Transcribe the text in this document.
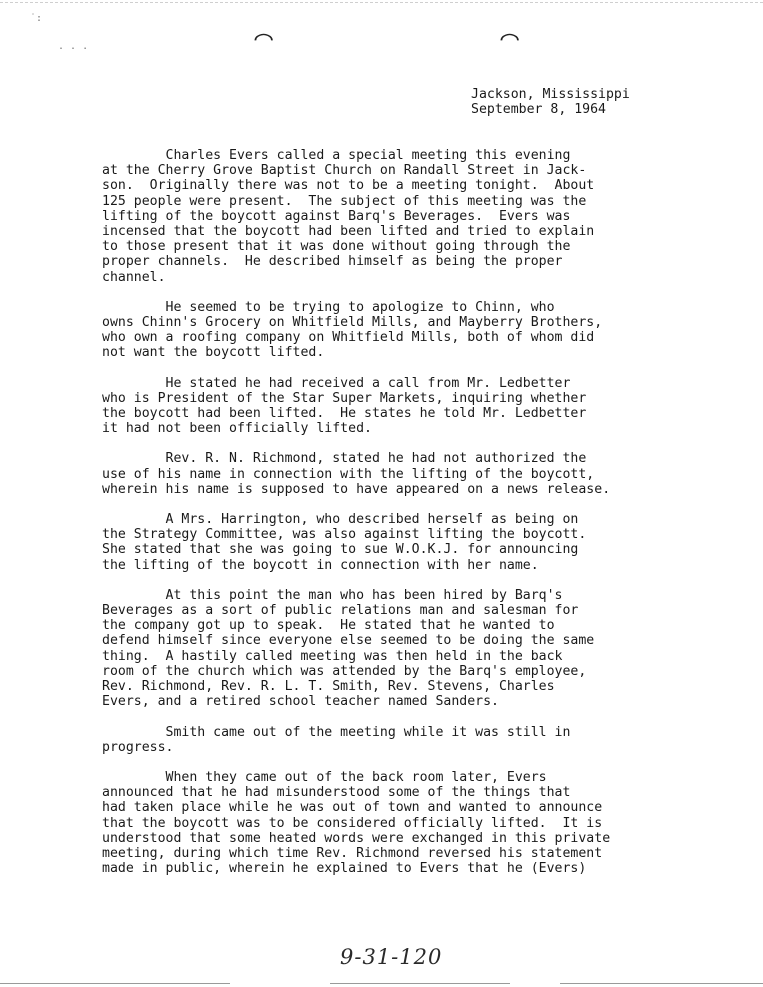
˙:
. . .	⌒	⌒
Jackson, Mississippi
September 8, 1964

Charles Evers called a special meeting this evening
at the Cherry Grove Baptist Church on Randall Street in Jack-
son.  Originally there was not to be a meeting tonight.  About
125 people were present.  The subject of this meeting was the
lifting of the boycott against Barq's Beverages.  Evers was
incensed that the boycott had been lifted and tried to explain
to those present that it was done without going through the
proper channels.  He described himself as being the proper
channel.

He seemed to be trying to apologize to Chinn, who
owns Chinn's Grocery on Whitfield Mills, and Mayberry Brothers,
who own a roofing company on Whitfield Mills, both of whom did
not want the boycott lifted.

He stated he had received a call from Mr. Ledbetter
who is President of the Star Super Markets, inquiring whether
the boycott had been lifted.  He states he told Mr. Ledbetter
it had not been officially lifted.

Rev. R. N. Richmond, stated he had not authorized the
use of his name in connection with the lifting of the boycott,
wherein his name is supposed to have appeared on a news release.

A Mrs. Harrington, who described herself as being on
the Strategy Committee, was also against lifting the boycott.
She stated that she was going to sue W.O.K.J. for announcing
the lifting of the boycott in connection with her name.

At this point the man who has been hired by Barq's
Beverages as a sort of public relations man and salesman for
the company got up to speak.  He stated that he wanted to
defend himself since everyone else seemed to be doing the same
thing.  A hastily called meeting was then held in the back
room of the church which was attended by the Barq's employee,
Rev. Richmond, Rev. R. L. T. Smith, Rev. Stevens, Charles
Evers, and a retired school teacher named Sanders.

Smith came out of the meeting while it was still in
progress.

When they came out of the back room later, Evers
announced that he had misunderstood some of the things that
had taken place while he was out of town and wanted to announce
that the boycott was to be considered officially lifted.  It is
understood that some heated words were exchanged in this private
meeting, during which time Rev. Richmond reversed his statement
made in public, wherein he explained to Evers that he (Evers)

9-31-120
